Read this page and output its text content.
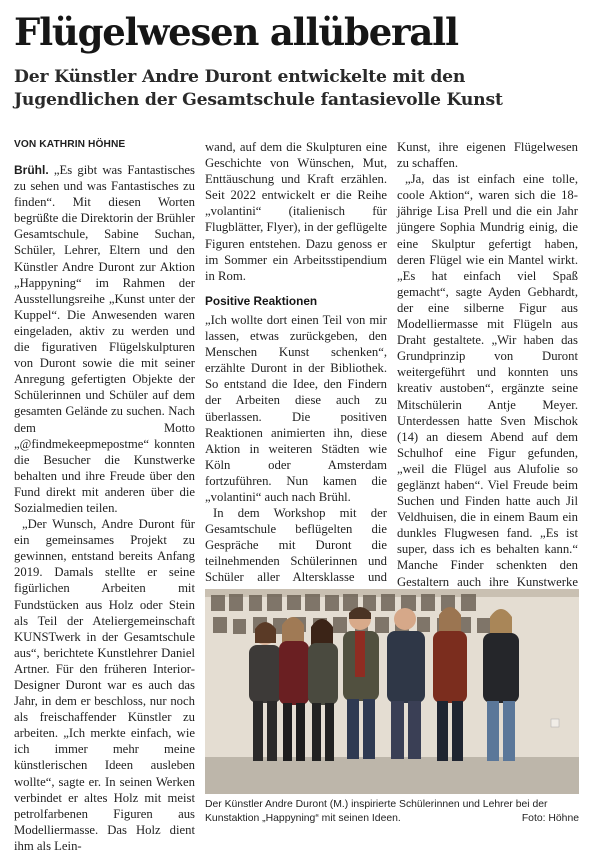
Flügelwesen allüberall
Der Künstler Andre Duront entwickelte mit den Jugendlichen der Gesamtschule fantasievolle Kunst
VON KATHRIN HÖHNE

Brühl. „Es gibt was Fantastisches zu sehen und was Fantastisches zu finden“. Mit diesen Worten begrüßte die Direktorin der Brühler Gesamtschule, Sabine Suchan, Schüler, Lehrer, Eltern und den Künstler Andre Duront zur Aktion „Happyning“ im Rahmen der Ausstellungsreihe „Kunst unter der Kuppel“. Die Anwesenden waren eingeladen, aktiv zu werden und die figurativen Flügelskulpturen von Duront sowie die mit seiner Anregung gefertigten Objekte der Schülerinnen und Schüler auf dem gesamten Gelände zu suchen. Nach dem Motto „@findmekeepmepostme“ konnten die Besucher die Kunstwerke behalten und ihre Freude über den Fund direkt mit anderen über die Sozialmedien teilen.

„Der Wunsch, Andre Duront für ein gemeinsames Projekt zu gewinnen, entstand bereits Anfang 2019. Damals stellte er seine figürlichen Arbeiten mit Fundstücken aus Holz oder Stein als Teil der Ateliergemeinschaft KUNSTwerk in der Gesamtschule aus“, berichtete Kunstlehrer Daniel Artner. Für den früheren Interior-Designer Duront war es auch das Jahr, in dem er beschloss, nur noch als freischaffender Künstler zu arbeiten. „Ich merkte einfach, wie ich immer mehr meine künstlerischen Ideen ausleben wollte“, sagte er. In seinen Werken verbindet er altes Holz mit meist petrolfarbenen Figuren aus Modelliermasse. Das Holz dient ihm als Lein-

wand, auf dem die Skulpturen eine Geschichte von Wünschen, Mut, Enttäuschung und Kraft erzählen. Seit 2022 entwickelt er die Reihe „volantini“ (italienisch für Flugblätter, Flyer), in der geflügelte Figuren entstehen. Dazu genoss er im Sommer ein Arbeitsstipendium in Rom.

Positive Reaktionen

„Ich wollte dort einen Teil von mir lassen, etwas zurückgeben, den Menschen Kunst schenken“, erzählte Duront in der Bibliothek. So entstand die Idee, den Findern der Arbeiten diese auch zu überlassen. Die positiven Reaktionen animierten ihn, diese Aktion in weiteren Städten wie Köln oder Amsterdam fortzuführen. Nun kamen die „volantini“ auch nach Brühl.

In dem Workshop mit der Gesamtschule beflügelten die Gespräche mit Duront die teilnehmenden Schülerinnen und Schüler aller Altersklasse und

Kunst, ihre eigenen Flügelwesen zu schaffen.

„Ja, das ist einfach eine tolle, coole Aktion“, waren sich die 18-jährige Lisa Prell und die ein Jahr jüngere Sophia Mundrig einig, die eine Skulptur gefertigt haben, deren Flügel wie ein Mantel wirkt. „Es hat einfach viel Spaß gemacht“, sagte Ayden Gebhardt, der eine silberne Figur aus Modelliermasse mit Flügeln aus Draht gestaltete. „Wir haben das Grundprinzip von Duront weitergeführt und konnten uns kreativ austoben“, ergänzte seine Mitschülerin Antje Meyer. Unterdessen hatte Sven Mischok (14) an diesem Abend auf dem Schulhof eine Figur gefunden, „weil die Flügel aus Alufolie so geglänzt haben“. Viel Freude beim Suchen und Finden hatte auch Jil Veldhuisen, die in einem Baum ein dunkles Flugwesen fand. „Es ist super, dass ich es behalten kann.“ Manche Finder schenkten den Gestaltern auch ihre Kunstwerke

Der Künstler Andre Duront (M.) inspirierte Schülerinnen und Lehrer bei der Kunstaktion „Happyning“ mit seinen Ideen.	Foto: Höhne
